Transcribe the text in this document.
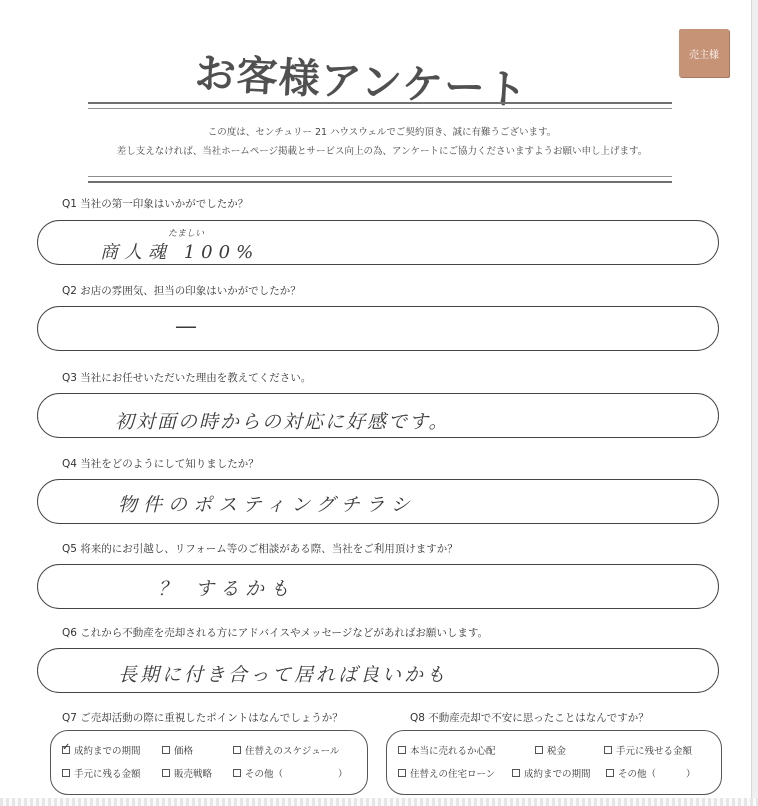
お客様アンケート	売主様
この度は、センチュリー 21 ハウスウェルでご契約頂き、誠に有難うございます。
差し支えなければ、当社ホームページ掲載とサービス向上の為、アンケートにご協力くださいますようお願い申し上げます。
Q1 当社の第一印象はいかがでしたか？
たましい
商人魂 100%
Q2 お店の雰囲気、担当の印象はいかがでしたか？
—
Q3 当社にお任せいただいた理由を教えてください。
初対面の時からの対応に好感です。
Q4 当社をどのようにして知りましたか？
物件のポスティングチラシ
Q5 将来的にお引越し、リフォーム等のご相談がある際、当社をご利用頂けますか？
？ するかも
Q6 これから不動産を売却される方にアドバイスやメッセージなどがあればお願いします。
長期に付き合って居れば良いかも
Q7 ご売却活動の際に重視したポイントはなんでしょうか？
✓
成約までの期間	価格	住替えのスケジュール
手元に残る金額	販売戦略	その他（	）
Q8 不動産売却で不安に思ったことはなんですか？
本当に売れるか心配	税金	手元に残せる金額
住替えの住宅ローン	成約までの期間	その他（	）
